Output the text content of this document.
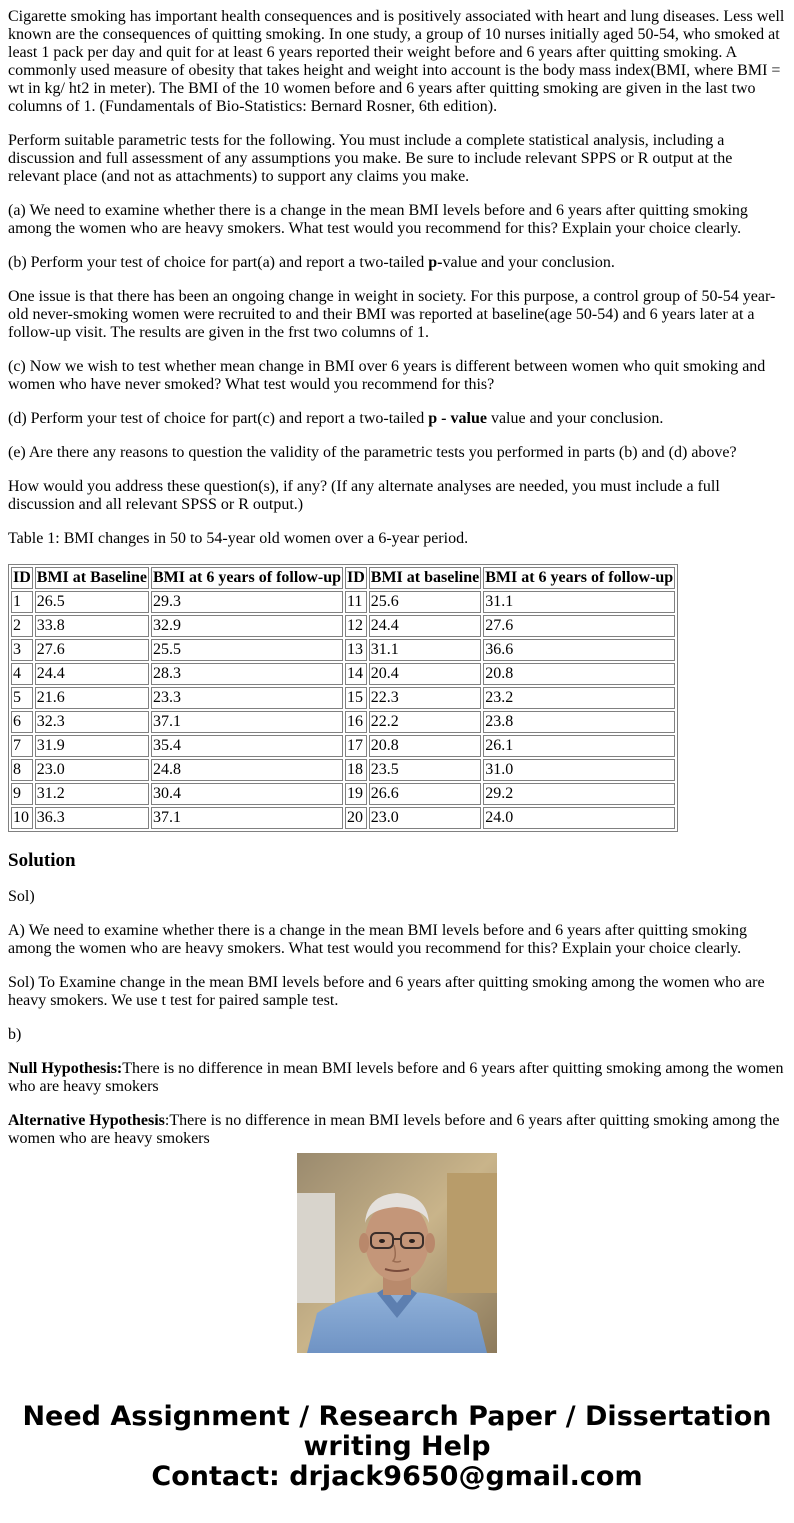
Cigarette smoking has important health consequences and is positively associated with heart and lung diseases. Less well known are the consequences of quitting smoking. In one study, a group of 10 nurses initially aged 50-54, who smoked at least 1 pack per day and quit for at least 6 years reported their weight before and 6 years after quitting smoking. A commonly used measure of obesity that takes height and weight into account is the body mass index(BMI, where BMI = wt in kg/ ht2 in meter). The BMI of the 10 women before and 6 years after quitting smoking are given in the last two columns of 1. (Fundamentals of Bio-Statistics: Bernard Rosner, 6th edition).

Perform suitable parametric tests for the following. You must include a complete statistical analysis, including a discussion and full assessment of any assumptions you make. Be sure to include relevant SPPS or R output at the relevant place (and not as attachments) to support any claims you make.

(a) We need to examine whether there is a change in the mean BMI levels before and 6 years after quitting smoking among the women who are heavy smokers. What test would you recommend for this? Explain your choice clearly.

(b) Perform your test of choice for part(a) and report a two-tailed p-value and your conclusion.

One issue is that there has been an ongoing change in weight in society. For this purpose, a control group of 50-54 year-old never-smoking women were recruited to and their BMI was reported at baseline(age 50-54) and 6 years later at a follow-up visit. The results are given in the frst two columns of 1.

(c) Now we wish to test whether mean change in BMI over 6 years is different between women who quit smoking and women who have never smoked? What test would you recommend for this?

(d) Perform your test of choice for part(c) and report a two-tailed p - value value and your conclusion.

(e) Are there any reasons to question the validity of the parametric tests you performed in parts (b) and (d) above?

How would you address these question(s), if any? (If any alternate analyses are needed, you must include a full discussion and all relevant SPSS or R output.)

Table 1: BMI changes in 50 to 54-year old women over a 6-year period.

ID	BMI at Baseline	BMI at 6 years of follow-up	ID	BMI at baseline	BMI at 6 years of follow-up
1	26.5	29.3	11	25.6	31.1
2	33.8	32.9	12	24.4	27.6
3	27.6	25.5	13	31.1	36.6
4	24.4	28.3	14	20.4	20.8
5	21.6	23.3	15	22.3	23.2
6	32.3	37.1	16	22.2	23.8
7	31.9	35.4	17	20.8	26.1
8	23.0	24.8	18	23.5	31.0
9	31.2	30.4	19	26.6	29.2
10	36.3	37.1	20	23.0	24.0
Solution

Sol)

A) We need to examine whether there is a change in the mean BMI levels before and 6 years after quitting smoking among the women who are heavy smokers. What test would you recommend for this? Explain your choice clearly.

Sol) To Examine change in the mean BMI levels before and 6 years after quitting smoking among the women who are heavy smokers. We use t test for paired sample test.

b)

Null Hypothesis:There is no difference in mean BMI levels before and 6 years after quitting smoking among the women who are heavy smokers

Alternative Hypothesis:There is no difference in mean BMI levels before and 6 years after quitting smoking among the women who are heavy smokers

Need Assignment / Research Paper / Dissertation
writing Help
Contact: drjack9650@gmail.com
